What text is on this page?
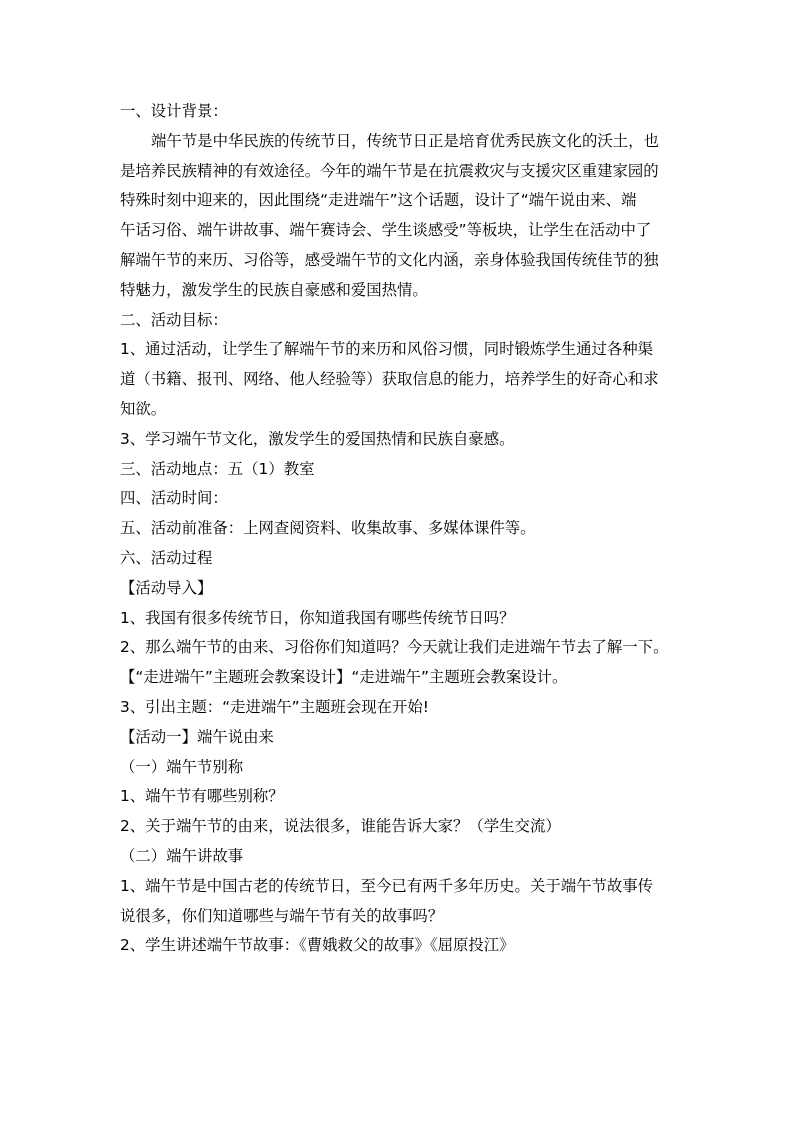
一、设计背景：
端午节是中华民族的传统节日，传统节日正是培育优秀民族文化的沃土，也
是培养民族精神的有效途径。今年的端午节是在抗震救灾与支援灾区重建家园的
特殊时刻中迎来的，因此围绕“走进端午”这个话题，设计了“端午说由来、端
午话习俗、端午讲故事、端午赛诗会、学生谈感受”等板块，让学生在活动中了
解端午节的来历、习俗等，感受端午节的文化内涵，亲身体验我国传统佳节的独
特魅力，激发学生的民族自豪感和爱国热情。
二、活动目标：
1、通过活动，让学生了解端午节的来历和风俗习惯，同时锻炼学生通过各种渠
道（书籍、报刊、网络、他人经验等）获取信息的能力，培养学生的好奇心和求
知欲。
3、学习端午节文化，激发学生的爱国热情和民族自豪感。
三、活动地点：五（1）教室
四、活动时间：
五、活动前准备：上网查阅资料、收集故事、多媒体课件等。
六、活动过程
【活动导入】
1、我国有很多传统节日，你知道我国有哪些传统节日吗？
2、那么端午节的由来、习俗你们知道吗？今天就让我们走进端午节去了解一下。
【“走进端午”主题班会教案设计】“走进端午”主题班会教案设计。
3、引出主题：“走进端午”主题班会现在开始!
【活动一】端午说由来
（一）端午节别称
1、端午节有哪些别称？
2、关于端午节的由来，说法很多，谁能告诉大家？（学生交流）
（二）端午讲故事
1、端午节是中国古老的传统节日，至今已有两千多年历史。关于端午节故事传
说很多，你们知道哪些与端午节有关的故事吗？
2、学生讲述端午节故事：《曹娥救父的故事》《屈原投江》
